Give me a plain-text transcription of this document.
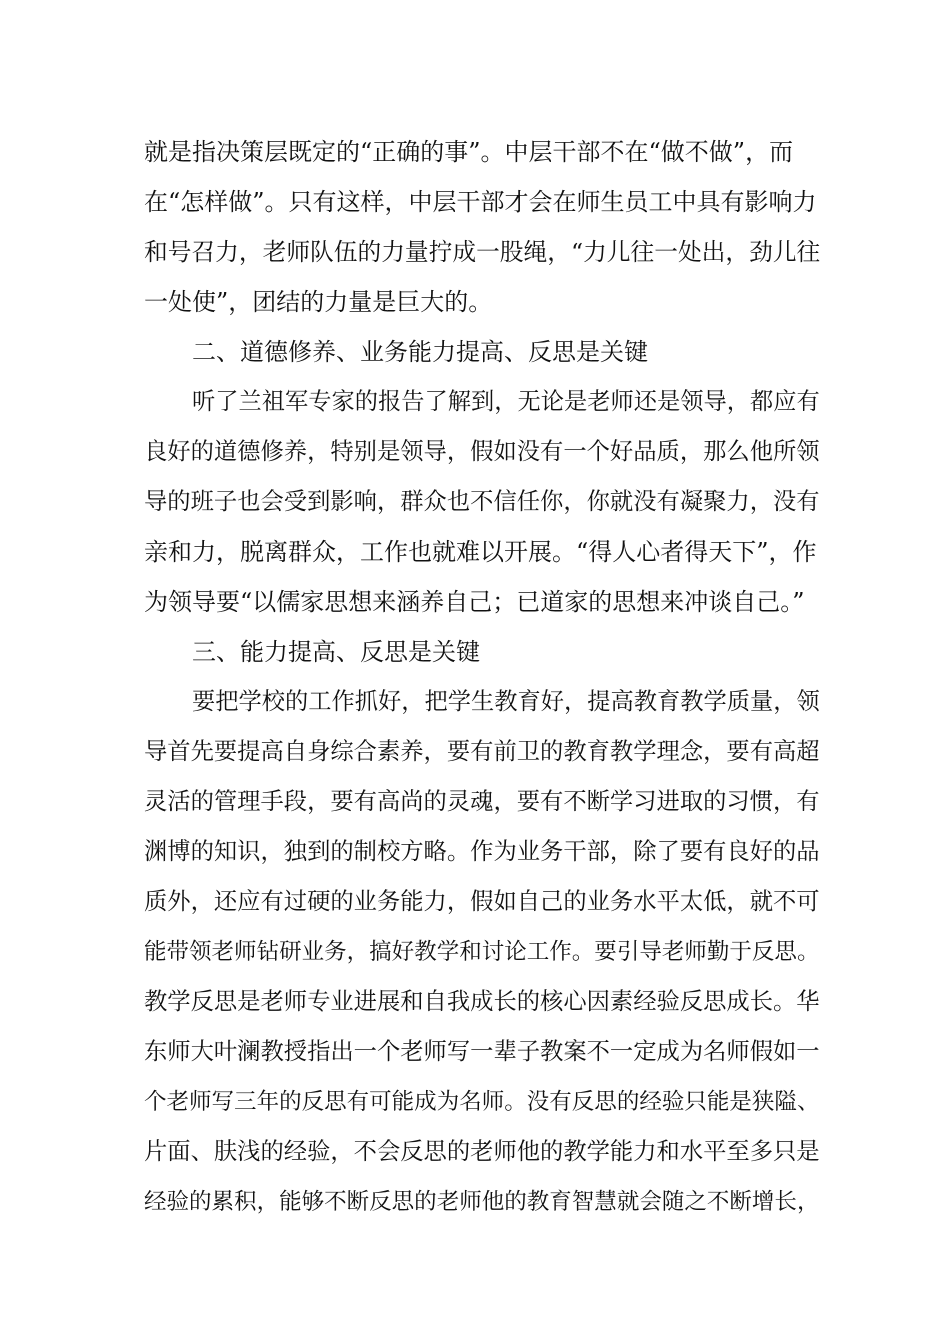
就是指决策层既定的“正确的事”。中层干部不在“做不做”，而
在“怎样做”。只有这样，中层干部才会在师生员工中具有影响力
和号召力，老师队伍的力量拧成一股绳，“力儿往一处出，劲儿往
一处使”，团结的力量是巨大的。
二、道德修养、业务能力提高、反思是关键
听了兰祖军专家的报告了解到，无论是老师还是领导，都应有
良好的道德修养，特别是领导，假如没有一个好品质，那么他所领
导的班子也会受到影响，群众也不信任你，你就没有凝聚力，没有
亲和力，脱离群众，工作也就难以开展。“得人心者得天下”，作
为领导要“以儒家思想来涵养自己；已道家的思想来冲谈自己。”
三、能力提高、反思是关键
要把学校的工作抓好，把学生教育好，提高教育教学质量，领
导首先要提高自身综合素养，要有前卫的教育教学理念，要有高超
灵活的管理手段，要有高尚的灵魂，要有不断学习进取的习惯，有
渊博的知识，独到的制校方略。作为业务干部，除了要有良好的品
质外，还应有过硬的业务能力，假如自己的业务水平太低，就不可
能带领老师钻研业务，搞好教学和讨论工作。要引导老师勤于反思。
教学反思是老师专业进展和自我成长的核心因素经验反思成长。华
东师大叶澜教授指出一个老师写一辈子教案不一定成为名师假如一
个老师写三年的反思有可能成为名师。没有反思的经验只能是狭隘、
片面、肤浅的经验，不会反思的老师他的教学能力和水平至多只是
经验的累积，能够不断反思的老师他的教育智慧就会随之不断增长，
